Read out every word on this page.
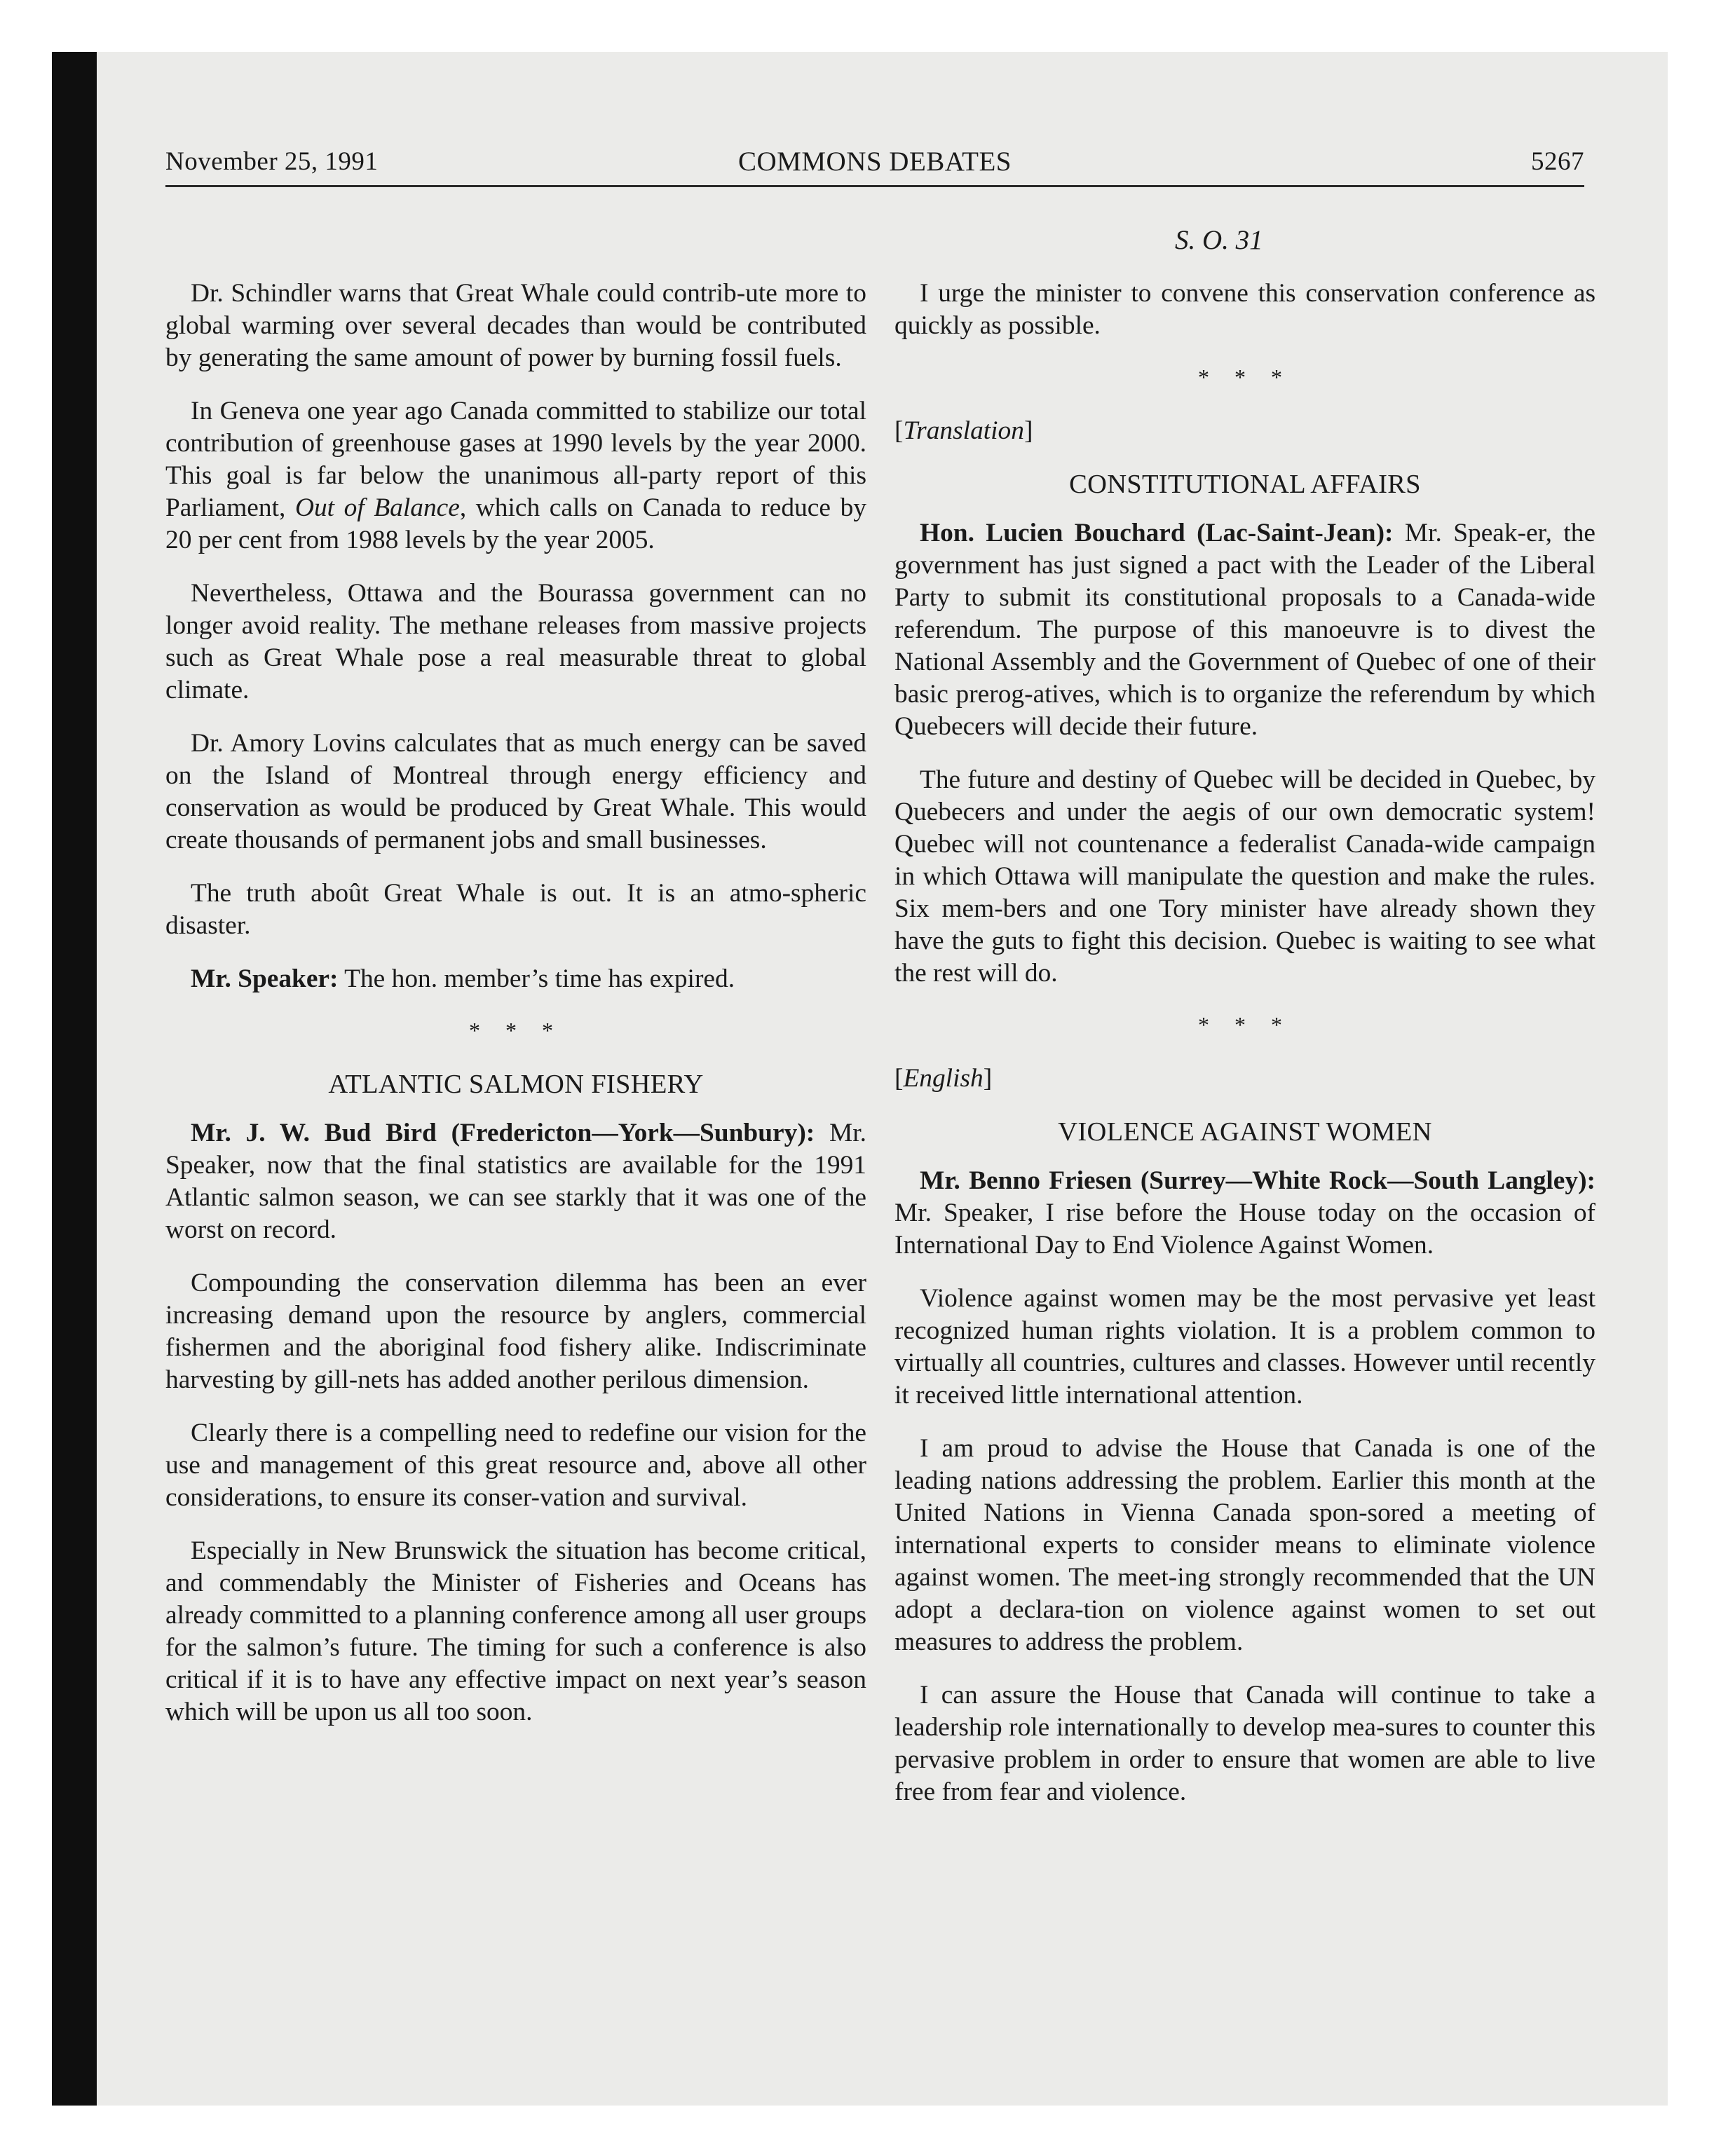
November 25, 1991	COMMONS DEBATES	5267
S. O. 31

Dr. Schindler warns that Great Whale could contrib-ute more to global warming over several decades than would be contributed by generating the same amount of power by burning fossil fuels.

In Geneva one year ago Canada committed to stabilize our total contribution of greenhouse gases at 1990 levels by the year 2000. This goal is far below the unanimous all-party report of this Parliament, Out of Balance, which calls on Canada to reduce by 20 per cent from 1988 levels by the year 2005.

Nevertheless, Ottawa and the Bourassa government can no longer avoid reality. The methane releases from massive projects such as Great Whale pose a real measurable threat to global climate.

Dr. Amory Lovins calculates that as much energy can be saved on the Island of Montreal through energy efficiency and conservation as would be produced by Great Whale. This would create thousands of permanent jobs and small businesses.

The truth aboût Great Whale is out. It is an atmo-spheric disaster.

Mr. Speaker: The hon. member’s time has expired.

* * *
ATLANTIC SALMON FISHERY

Mr. J. W. Bud Bird (Fredericton—York—Sunbury): Mr. Speaker, now that the final statistics are available for the 1991 Atlantic salmon season, we can see starkly that it was one of the worst on record.

Compounding the conservation dilemma has been an ever increasing demand upon the resource by anglers, commercial fishermen and the aboriginal food fishery alike. Indiscriminate harvesting by gill-nets has added another perilous dimension.

Clearly there is a compelling need to redefine our vision for the use and management of this great resource and, above all other considerations, to ensure its conser-vation and survival.

Especially in New Brunswick the situation has become critical, and commendably the Minister of Fisheries and Oceans has already committed to a planning conference among all user groups for the salmon’s future. The timing for such a conference is also critical if it is to have any effective impact on next year’s season which will be upon us all too soon.

I urge the minister to convene this conservation conference as quickly as possible.

* * *

[Translation]

CONSTITUTIONAL AFFAIRS

Hon. Lucien Bouchard (Lac-Saint-Jean): Mr. Speak-er, the government has just signed a pact with the Leader of the Liberal Party to submit its constitutional proposals to a Canada-wide referendum. The purpose of this manoeuvre is to divest the National Assembly and the Government of Quebec of one of their basic prerog-atives, which is to organize the referendum by which Quebecers will decide their future.

The future and destiny of Quebec will be decided in Quebec, by Quebecers and under the aegis of our own democratic system! Quebec will not countenance a federalist Canada-wide campaign in which Ottawa will manipulate the question and make the rules. Six mem-bers and one Tory minister have already shown they have the guts to fight this decision. Quebec is waiting to see what the rest will do.

* * *

[English]

VIOLENCE AGAINST WOMEN

Mr. Benno Friesen (Surrey—White Rock—South Langley): Mr. Speaker, I rise before the House today on the occasion of International Day to End Violence Against Women.

Violence against women may be the most pervasive yet least recognized human rights violation. It is a problem common to virtually all countries, cultures and classes. However until recently it received little international attention.

I am proud to advise the House that Canada is one of the leading nations addressing the problem. Earlier this month at the United Nations in Vienna Canada spon-sored a meeting of international experts to consider means to eliminate violence against women. The meet-ing strongly recommended that the UN adopt a declara-tion on violence against women to set out measures to address the problem.

I can assure the House that Canada will continue to take a leadership role internationally to develop mea-sures to counter this pervasive problem in order to ensure that women are able to live free from fear and violence.
